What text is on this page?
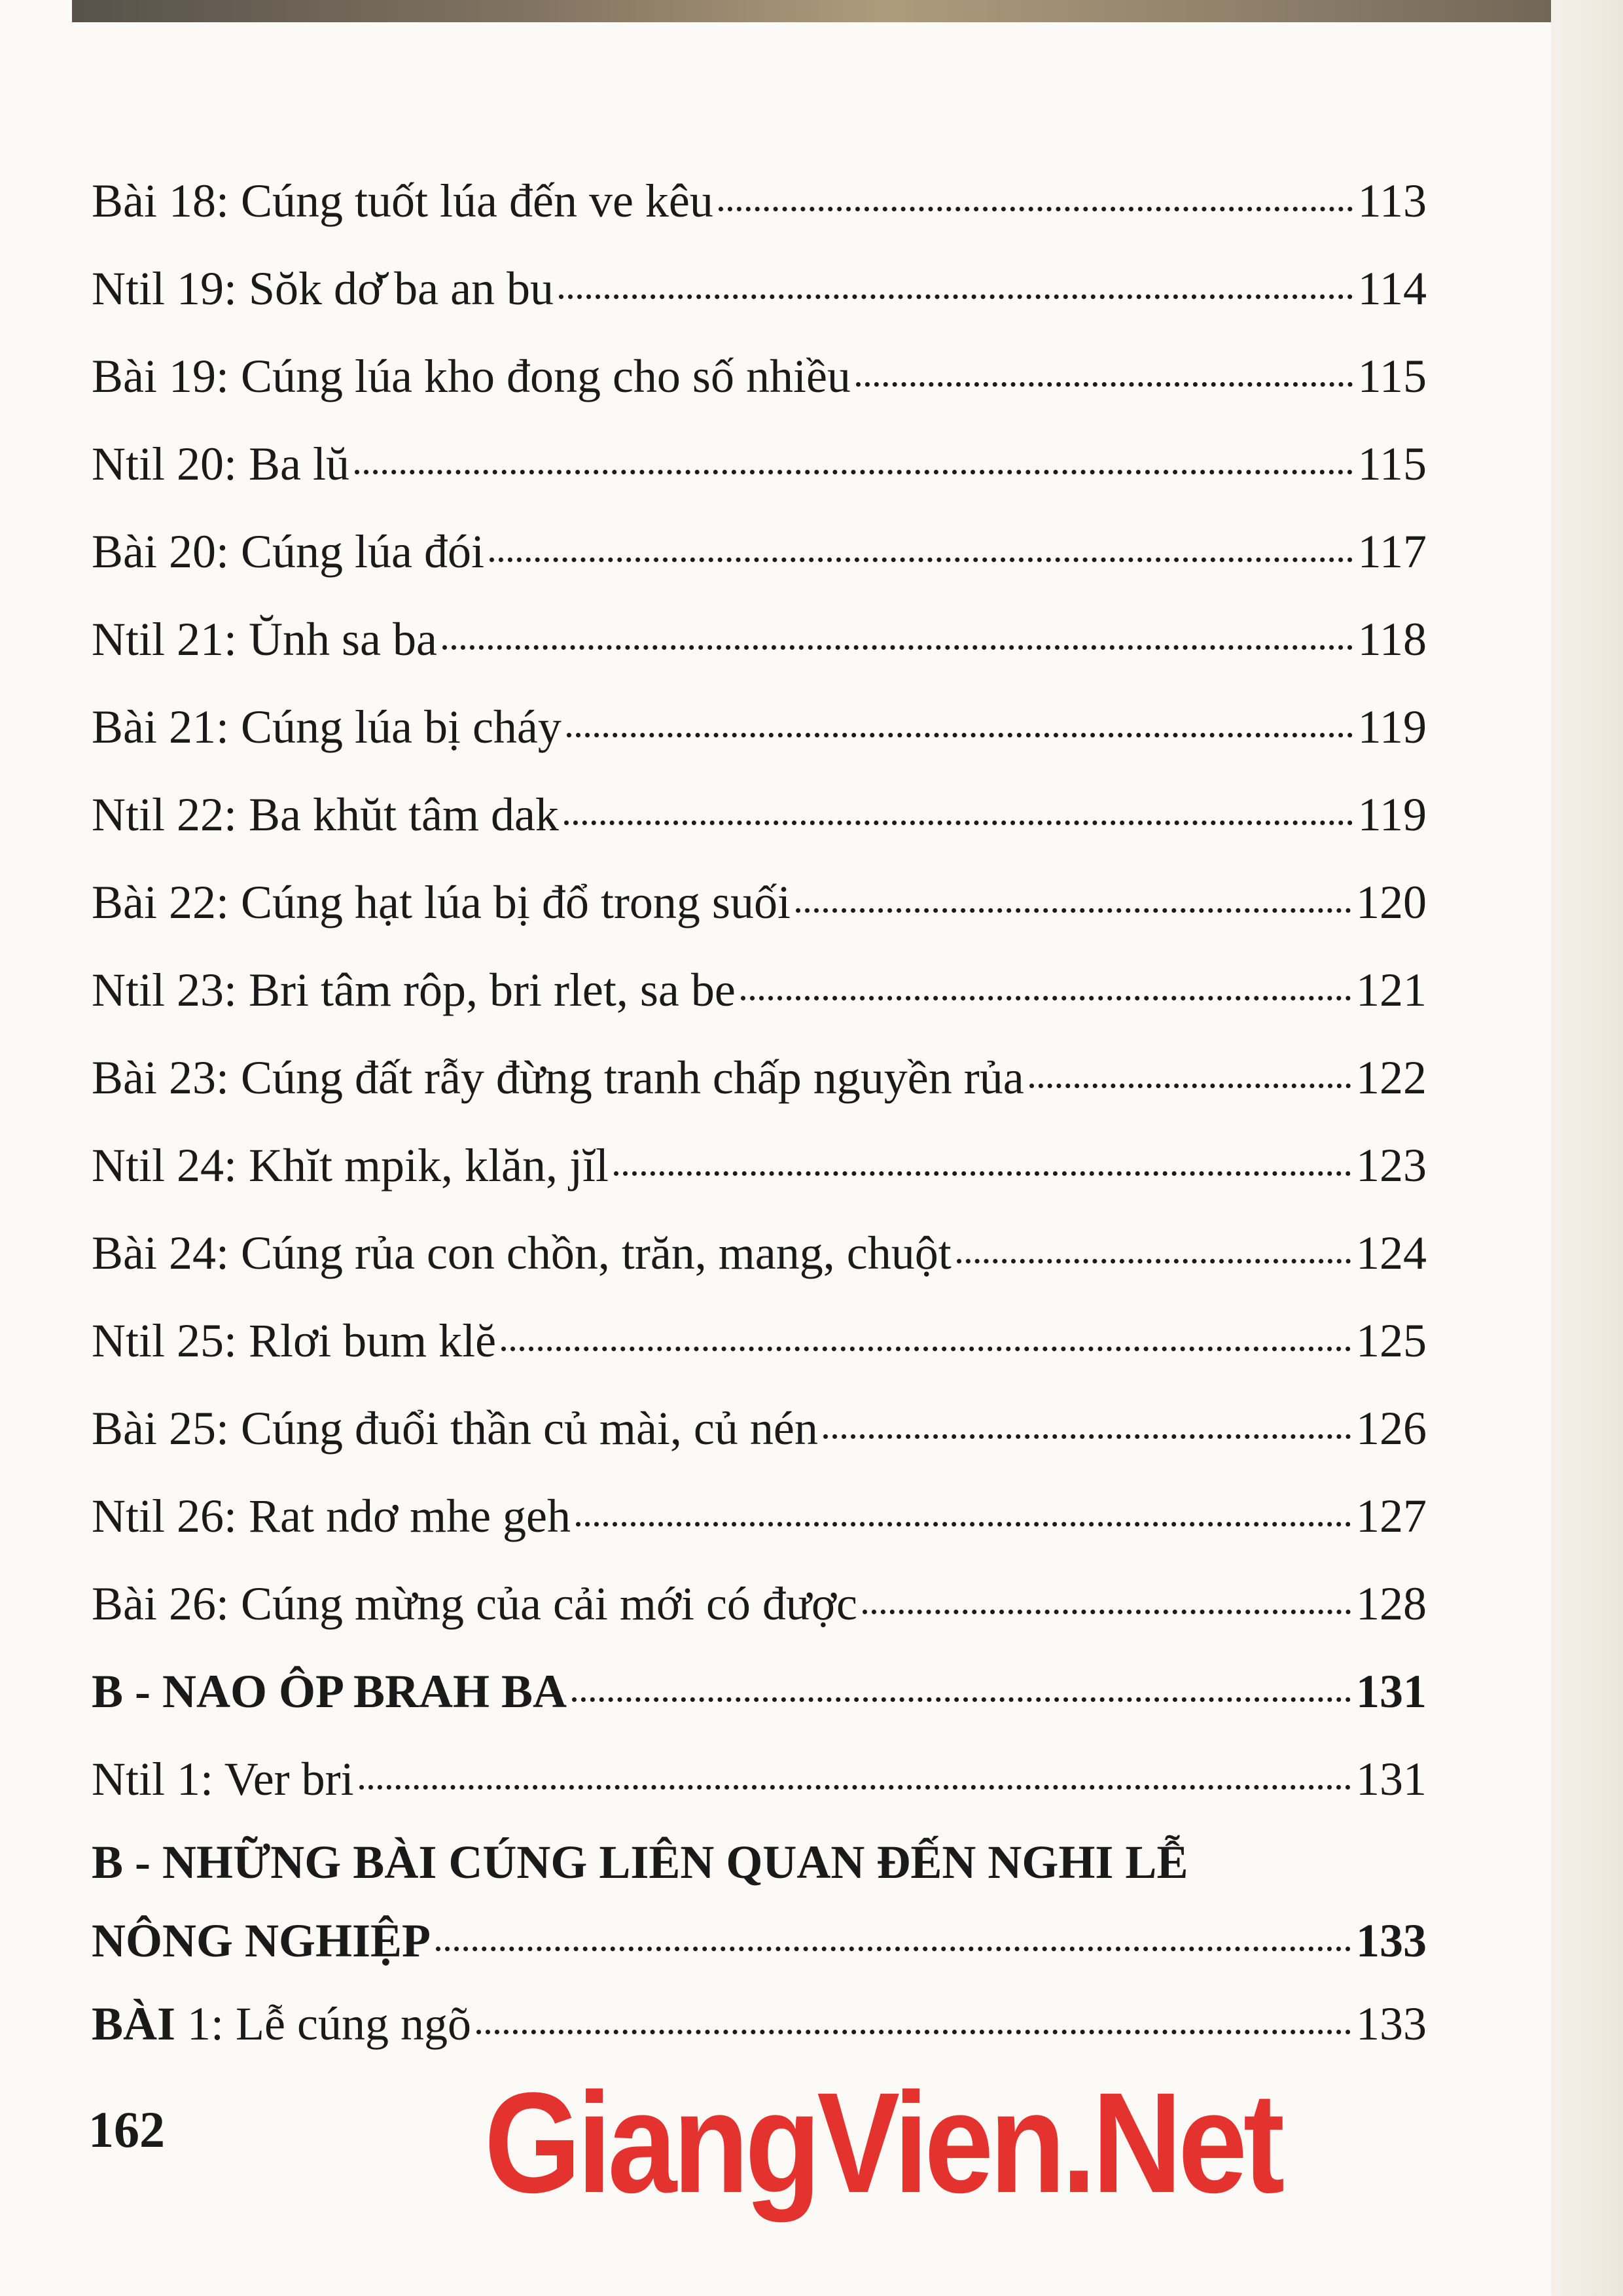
Bài 18: Cúng tuốt lúa đến ve kêu	113
Ntil 19: Sŏk dơ̆ ba an bu	114
Bài 19: Cúng lúa kho đong cho số nhiều	115
Ntil 20: Ba lŭ	115
Bài 20: Cúng lúa đói	117
Ntil 21: Ŭnh sa ba	118
Bài 21: Cúng lúa bị cháy	119
Ntil 22: Ba khŭt tâm dak	119
Bài 22: Cúng hạt lúa bị đổ trong suối	120
Ntil 23: Bri tâm rôp, bri rlet, sa be	121
Bài 23: Cúng đất rẫy đừng tranh chấp nguyền rủa	122
Ntil 24: Khĭt mpik, klăn, jĭl	123
Bài 24: Cúng rủa con chồn, trăn, mang, chuột	124
Ntil 25: Rlơi bum klĕ	125
Bài 25: Cúng đuổi thần củ mài, củ nén	126
Ntil 26: Rat ndơ mhe geh	127
Bài 26: Cúng mừng của cải mới có được	128
B - NAO ÔP BRAH BA	131
Ntil 1: Ver bri	131
B - NHỮNG BÀI CÚNG LIÊN QUAN ĐẾN NGHI LỄ
NÔNG NGHIỆP	133
BÀI 1: Lễ cúng ngõ	133
162	GiangVien.Net
